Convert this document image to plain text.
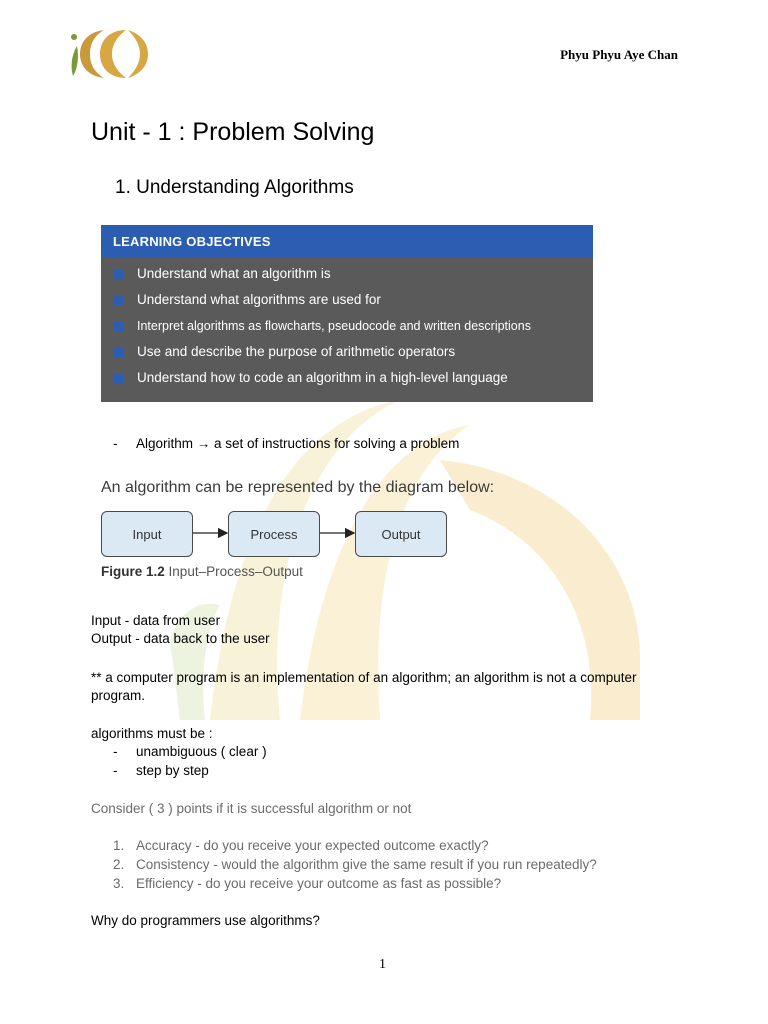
Phyu Phyu Aye Chan
Unit - 1 : Problem Solving
1. Understanding Algorithms
LEARNING OBJECTIVES
Understand what an algorithm is
Understand what algorithms are used for
Interpret algorithms as flowcharts, pseudocode and written descriptions
Use and describe the purpose of arithmetic operators
Understand how to code an algorithm in a high-level language
- Algorithm → a set of instructions for solving a problem
An algorithm can be represented by the diagram below:
Input	Process	Output
Figure 1.2 Input–Process–Output
Input - data from user
Output - data back to the user
** a computer program is an implementation of an algorithm; an algorithm is not a computer
program.
algorithms must be :
- unambiguous ( clear )
- step by step
Consider ( 3 ) points if it is successful algorithm or not
1. Accuracy - do you receive your expected outcome exactly?
2. Consistency - would the algorithm give the same result if you run repeatedly?
3. Efficiency - do you receive your outcome as fast as possible?
Why do programmers use algorithms?
1
